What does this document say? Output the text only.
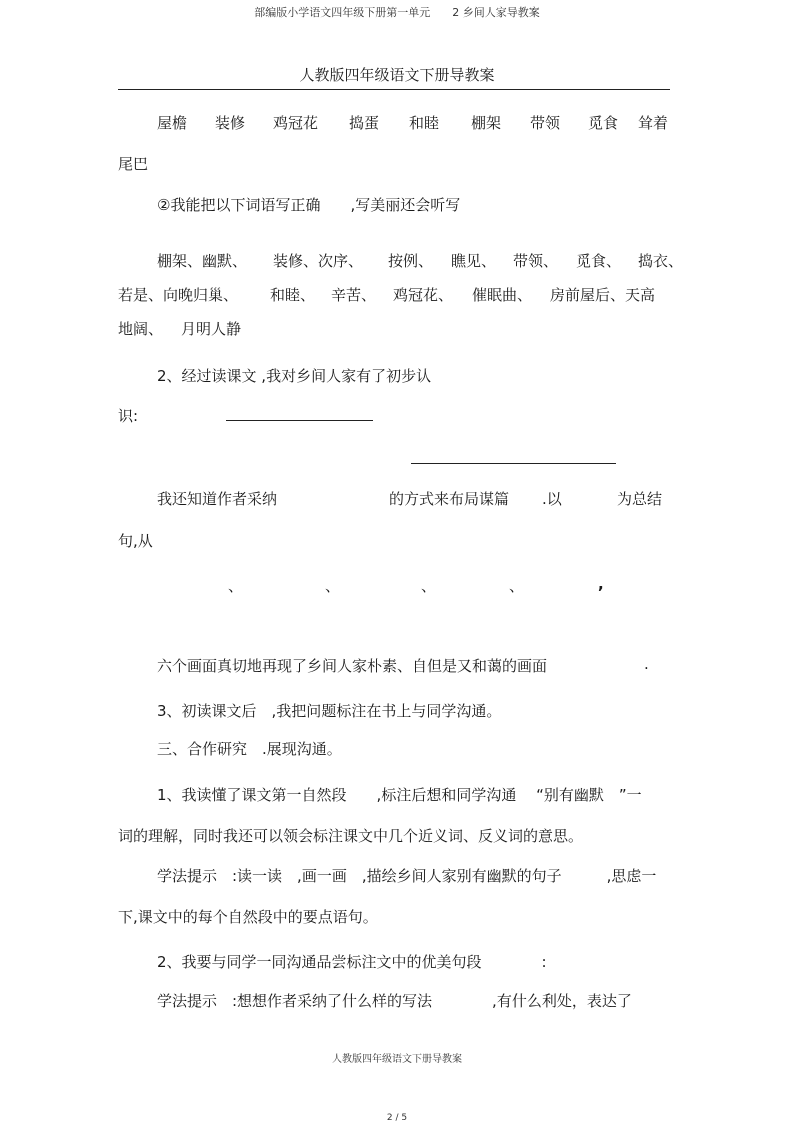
部编版小学语文四年级下册第一单元　　2 乡间人家导教案
人教版四年级语文下册导教案
屋檐 装修 鸡冠花 捣蛋 和睦 棚架 带领 觅食 耸着
尾巴
②我能把以下词语写正确　　,写美丽还会听写
棚架、幽默、 装修、次序、 按例、 瞧见、 带领、 觅食、 捣衣、
若是、向晚归巢、 和睦、 辛苦、 鸡冠花、 催眠曲、 房前屋后、天高
地阔、 月明人静
2、经过读课文 ,我对乡间人家有了初步认
识:
我还知道作者采纳	的方式来布局谋篇 .以	为总结
句,从
、	、	、	、	,
六个画面真切地再现了乡间人家朴素、自但是又和蔼的画面	.
3、初读课文后　,我把问题标注在书上与同学沟通。
三、合作研究　.展现沟通。
1、我读懂了课文第一自然段　　,标注后想和同学沟通　 “别有幽默　”一
词的理解，同时我还可以领会标注课文中几个近义词、反义词的意思。
学法提示　:读一读　,画一画　,描绘乡间人家别有幽默的句子　　　,思虑一
下,课文中的每个自然段中的要点语句。
2、我要与同学一同沟通品尝标注文中的优美句段　　　　:
学法提示　:想想作者采纳了什么样的写法　　　　,有什么利处，表达了
人教版四年级语文下册导教案
2 / 5
